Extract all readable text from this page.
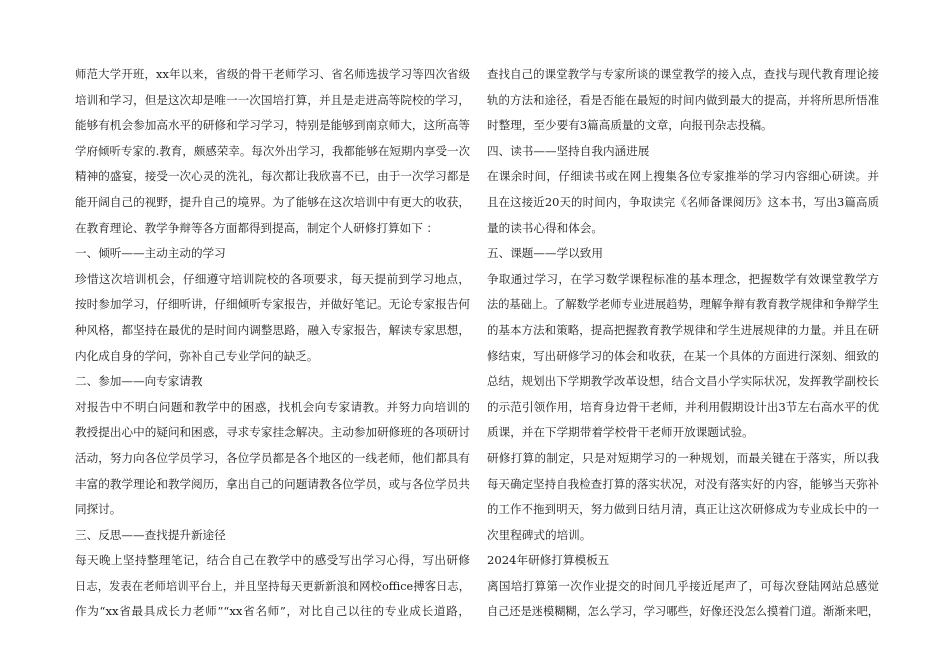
师范大学开班，xx年以来，省级的骨干老师学习、省名师选拔学习等四次省级
培训和学习，但是这次却是唯一一次国培打算，并且是走进高等院校的学习，
能够有机会参加高水平的研修和学习学习，特别是能够到南京师大，这所高等
学府倾听专家的.教育，颇感荣幸。每次外出学习，我都能够在短期内享受一次
精神的盛宴，接受一次心灵的洗礼，每次都让我欣喜不已，由于一次学习都是
能开阔自己的视野，提升自己的境界。为了能够在这次培训中有更大的收获，
在教育理论、教学争辩等各方面都得到提高，制定个人研修打算如下 ：
一、倾听——主动主动的学习
珍惜这次培训机会，仔细遵守培训院校的各项要求，每天提前到学习地点，
按时参加学习，仔细听讲，仔细倾听专家报告，并做好笔记。无论专家报告何
种风格，都坚持在最优的是时间内调整思路，融入专家报告，解读专家思想，
内化成自身的学问，弥补自己专业学问的缺乏。
二、参加——向专家请教
对报告中不明白问题和教学中的困惑，找机会向专家请教。并努力向培训的
教授提出心中的疑问和困惑，寻求专家挂念解决。主动参加研修班的各项研讨
活动，努力向各位学员学习，各位学员都是各个地区的一线老师，他们都具有
丰富的教学理论和教学阅历，拿出自己的问题请教各位学员，或与各位学员共
同探讨。
三、反思——查找提升新途径
每天晚上坚持整理笔记，结合自己在教学中的感受写出学习心得，写出研修
日志，发表在老师培训平台上，并且坚持每天更新新浪和网校office搏客日志，
作为“xx省最具成长力老师”“xx省名师”，对比自己以往的专业成长道路，
查找自己的课堂教学与专家所谈的课堂教学的接入点，查找与现代教育理论接
轨的方法和途径，看是否能在最短的时间内做到最大的提高，并将所思所悟准
时整理，至少要有3篇高质量的文章，向报刊杂志投稿。
四、读书——坚持自我内涵进展
在课余时间，仔细读书或在网上搜集各位专家推举的学习内容细心研读。并
且在这接近20天的时间内，争取读完《名师备课阅历》这本书，写出3篇高质
量的读书心得和体会。
五、课题——学以致用
争取通过学习，在学习数学课程标准的基本理念，把握数学有效课堂教学方
法的基础上。了解数学老师专业进展趋势，理解争辩有教育教学规律和争辩学生
的基本方法和策略，提高把握教育教学规律和学生进展规律的力量。并且在研
修结束，写出研修学习的体会和收获，在某一个具体的方面进行深刻、细致的
总结，规划出下学期教学改革设想，结合文昌小学实际状况，发挥教学副校长
的示范引领作用，培育身边骨干老师，并利用假期设计出3节左右高水平的优
质课，并在下学期带着学校骨干老师开放课题试验。
研修打算的制定，只是对短期学习的一种规划，而最关键在于落实，所以我
每天确定坚持自我检查打算的落实状况，对没有落实好的内容，能够当天弥补
的工作不拖到明天，努力做到日结月清，真正让这次研修成为专业成长中的一
次里程碑式的培训。
2024年研修打算模板五
离国培打算第一次作业提交的时间几乎接近尾声了，可每次登陆网站总感觉
自己还是迷模糊糊，怎么学习，学习哪些，好像还没怎么摸着门道。渐渐来吧，
